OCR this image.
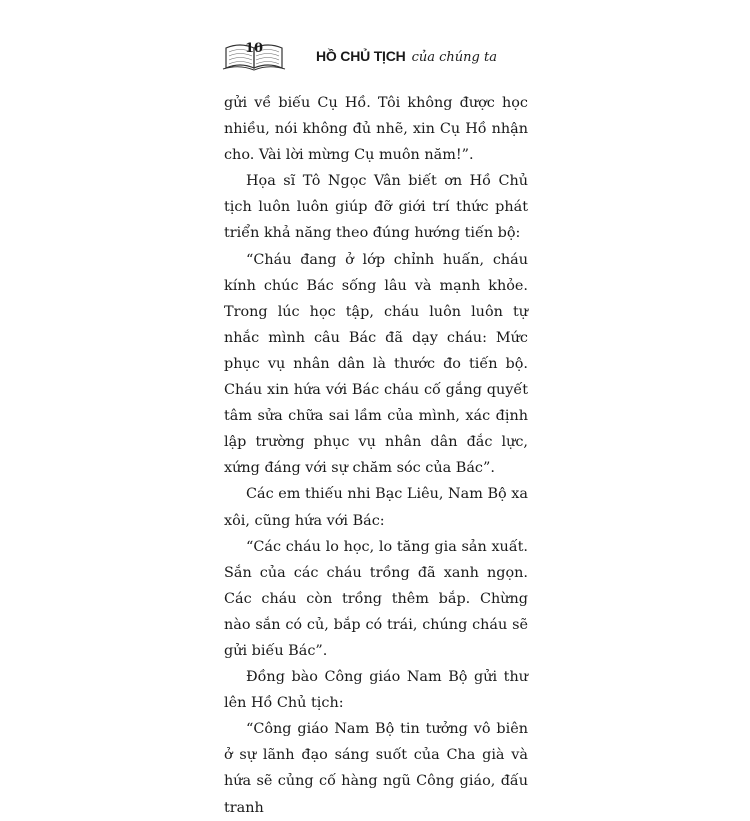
10	HỒ CHỦ TỊCH của chúng ta

gửi về biếu Cụ Hồ. Tôi không được học nhiều, nói không đủ nhẽ, xin Cụ Hồ nhận cho. Vài lời mừng Cụ muôn năm!”.

Họa sĩ Tô Ngọc Vân biết ơn Hồ Chủ tịch luôn luôn giúp đỡ giới trí thức phát triển khả năng theo đúng hướng tiến bộ:

“Cháu đang ở lớp chỉnh huấn, cháu kính chúc Bác sống lâu và mạnh khỏe. Trong lúc học tập, cháu luôn luôn tự nhắc mình câu Bác đã dạy cháu: Mức phục vụ nhân dân là thước đo tiến bộ. Cháu xin hứa với Bác cháu cố gắng quyết tâm sửa chữa sai lầm của mình, xác định lập trường phục vụ nhân dân đắc lực, xứng đáng với sự chăm sóc của Bác”.

Các em thiếu nhi Bạc Liêu, Nam Bộ xa xôi, cũng hứa với Bác:

“Các cháu lo học, lo tăng gia sản xuất. Sắn của các cháu trồng đã xanh ngọn. Các cháu còn trồng thêm bắp. Chừng nào sắn có củ, bắp có trái, chúng cháu sẽ gửi biếu Bác”.

Đồng bào Công giáo Nam Bộ gửi thư lên Hồ Chủ tịch:

“Công giáo Nam Bộ tin tưởng vô biên ở sự lãnh đạo sáng suốt của Cha già và hứa sẽ củng cố hàng ngũ Công giáo, đấu tranh
